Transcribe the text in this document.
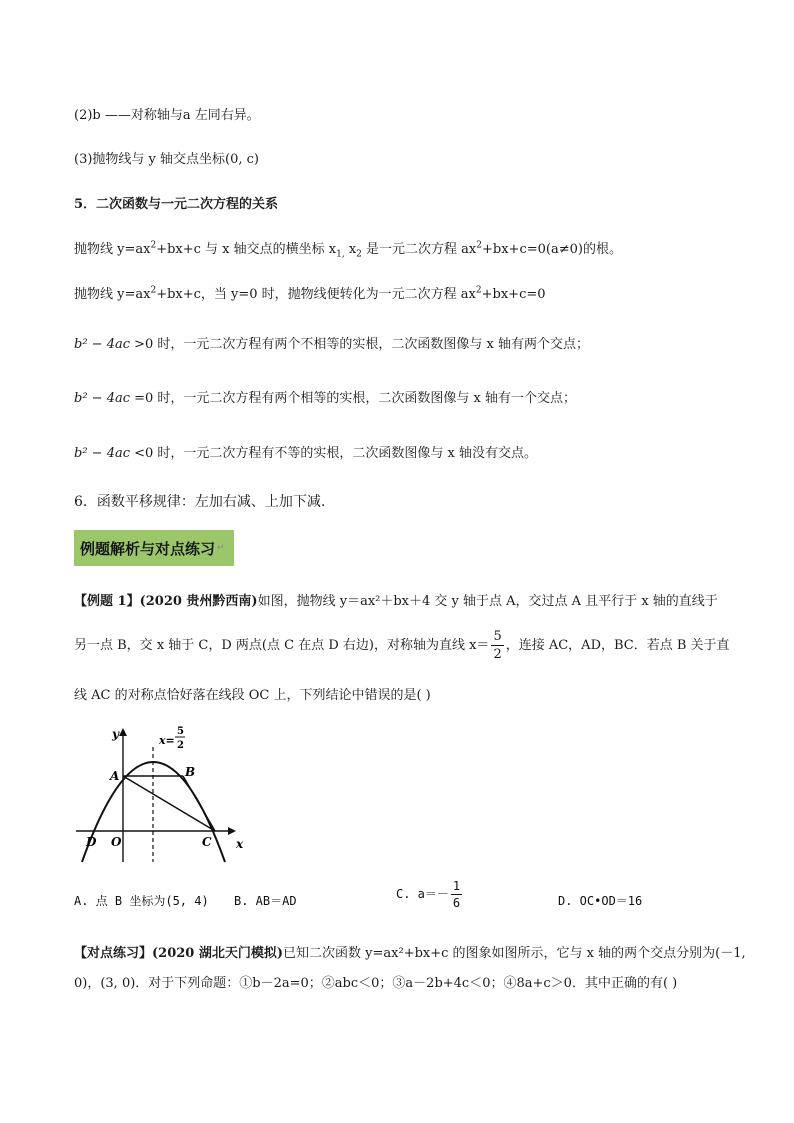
(2)b ——对称轴与a 左同右异。
(3)抛物线与 y 轴交点坐标(0, c)
5．二次函数与一元二次方程的关系
抛物线 $y=ax^2+bx+c$ 与 x 轴交点的横坐标 $x_{1,}$ $x_2$ 是一元二次方程 $ax^2+bx+c=0(a\ne 0)$的根。
抛物线 $y=ax^2+bx+c$，当 y=0 时，抛物线便转化为一元二次方程 $ax^2+bx+c=0$
b² − 4ac >0 时，一元二次方程有两个不相等的实根，二次函数图像与 x 轴有两个交点；
b² − 4ac =0 时，一元二次方程有两个相等的实根，二次函数图像与 x 轴有一个交点；
b² − 4ac <0 时，一元二次方程有不等的实根，二次函数图像与 x 轴没有交点。
6．函数平移规律：左加右减、上加下减.
例题解析与对点练习 ↵
【例题 1】(2020 贵州黔西南)如图，抛物线 y＝ax²＋bx＋4 交 y 轴于点 A，交过点 A 且平行于 x 轴的直线于
另一点 B，交 x 轴于 C，D 两点(点 C 在点 D 右边)，对称轴为直线 $x= \frac{5}{2}$ ，连接 AC，AD，BC．若点 B 关于直
线 AC 的对称点恰好落在线段 OC 上，下列结论中错误的是( )
y
x
A	B
O
D	C
x=
5
2
A. 点 B 坐标为(5, 4) B. AB＝AD	C. $a=- \frac{1}{6}$	D. OC•OD＝16
【对点练习】(2020 湖北天门模拟)已知二次函数 y=ax²+bx+c 的图象如图所示，它与 x 轴的两个交点分别为(－1,
0)，(3, 0)．对于下列命题：①b－2a=0；②abc＜0；③a－2b+4c＜0；④8a+c＞0．其中正确的有( )
